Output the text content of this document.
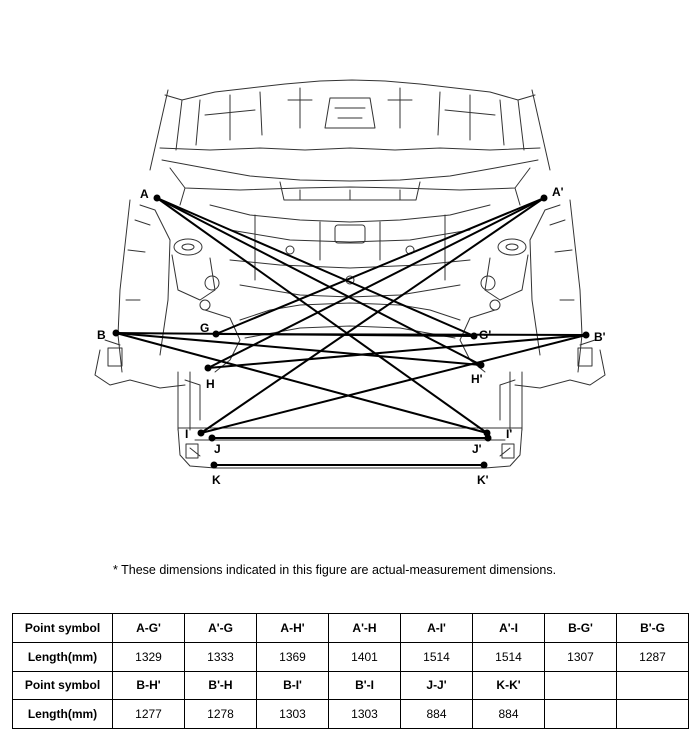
A	A'
B	B'
G	G'
H	H'
I	I'
J	J'
K	K'
* These dimensions indicated in this figure are actual-measurement dimensions.
Point symbol	A-G'	A'-G	A-H'	A'-H	A-I'	A'-I	B-G'	B'-G
Length(mm)	1329	1333	1369	1401	1514	1514	1307	1287
Point symbol	B-H'	B'-H	B-I'	B'-I	J-J'	K-K'		
Length(mm)	1277	1278	1303	1303	884	884		
